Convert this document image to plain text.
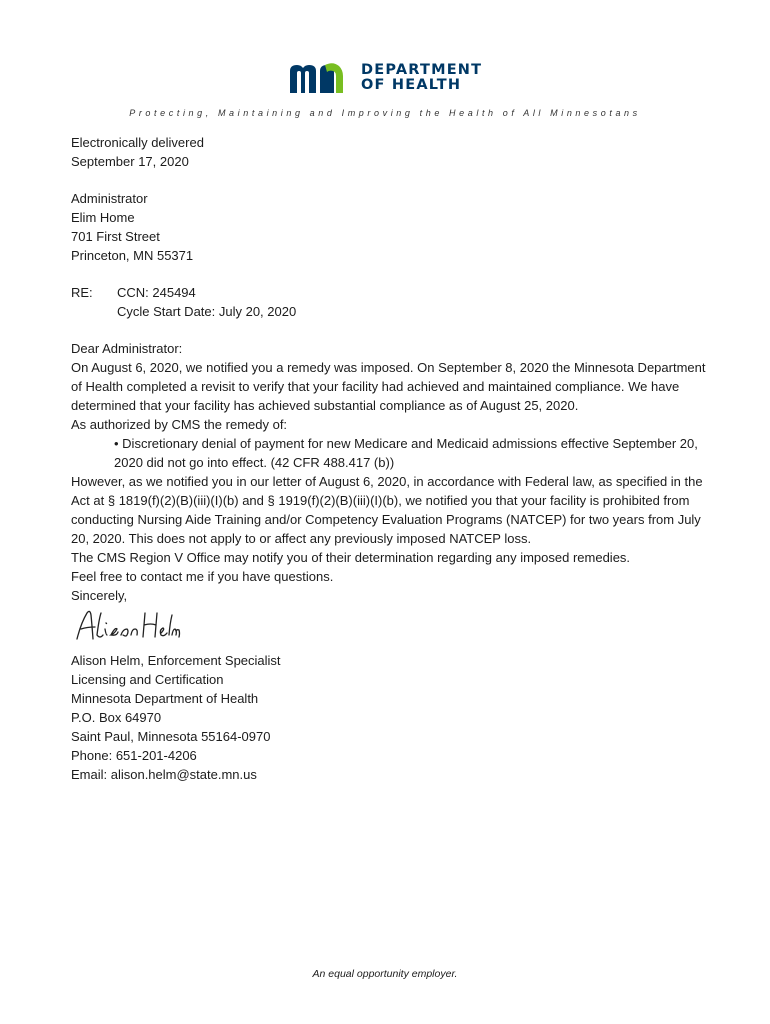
DEPARTMENT
OF HEALTH
Protecting, Maintaining and Improving the Health of All Minnesotans

Electronically delivered

September 17, 2020

Administrator

Elim Home

701 First Street

Princeton, MN 55371

RE:	CCN: 245494

Cycle Start Date: July 20, 2020

Dear Administrator:

On August 6, 2020, we notified you a remedy was imposed. On September 8, 2020 the Minnesota Department of Health completed a revisit to verify that your facility had achieved and maintained compliance. We have determined that your facility has achieved substantial compliance as of August 25, 2020.

As authorized by CMS the remedy of:

• Discretionary denial of payment for new Medicare and Medicaid admissions effective September 20, 2020 did not go into effect. (42 CFR 488.417 (b))

However, as we notified you in our letter of August 6, 2020, in accordance with Federal law, as specified in the Act at § 1819(f)(2)(B)(iii)(I)(b) and § 1919(f)(2)(B)(iii)(I)(b), we notified you that your facility is prohibited from conducting Nursing Aide Training and/or Competency Evaluation Programs (NATCEP) for two years from July 20, 2020. This does not apply to or affect any previously imposed NATCEP loss.

The CMS Region V Office may notify you of their determination regarding any imposed remedies.

Feel free to contact me if you have questions.

Sincerely,

Alison Helm, Enforcement Specialist

Licensing and Certification

Minnesota Department of Health

P.O. Box 64970

Saint Paul, Minnesota 55164-0970

Phone: 651-201-4206

Email: alison.helm@state.mn.us

An equal opportunity employer.
